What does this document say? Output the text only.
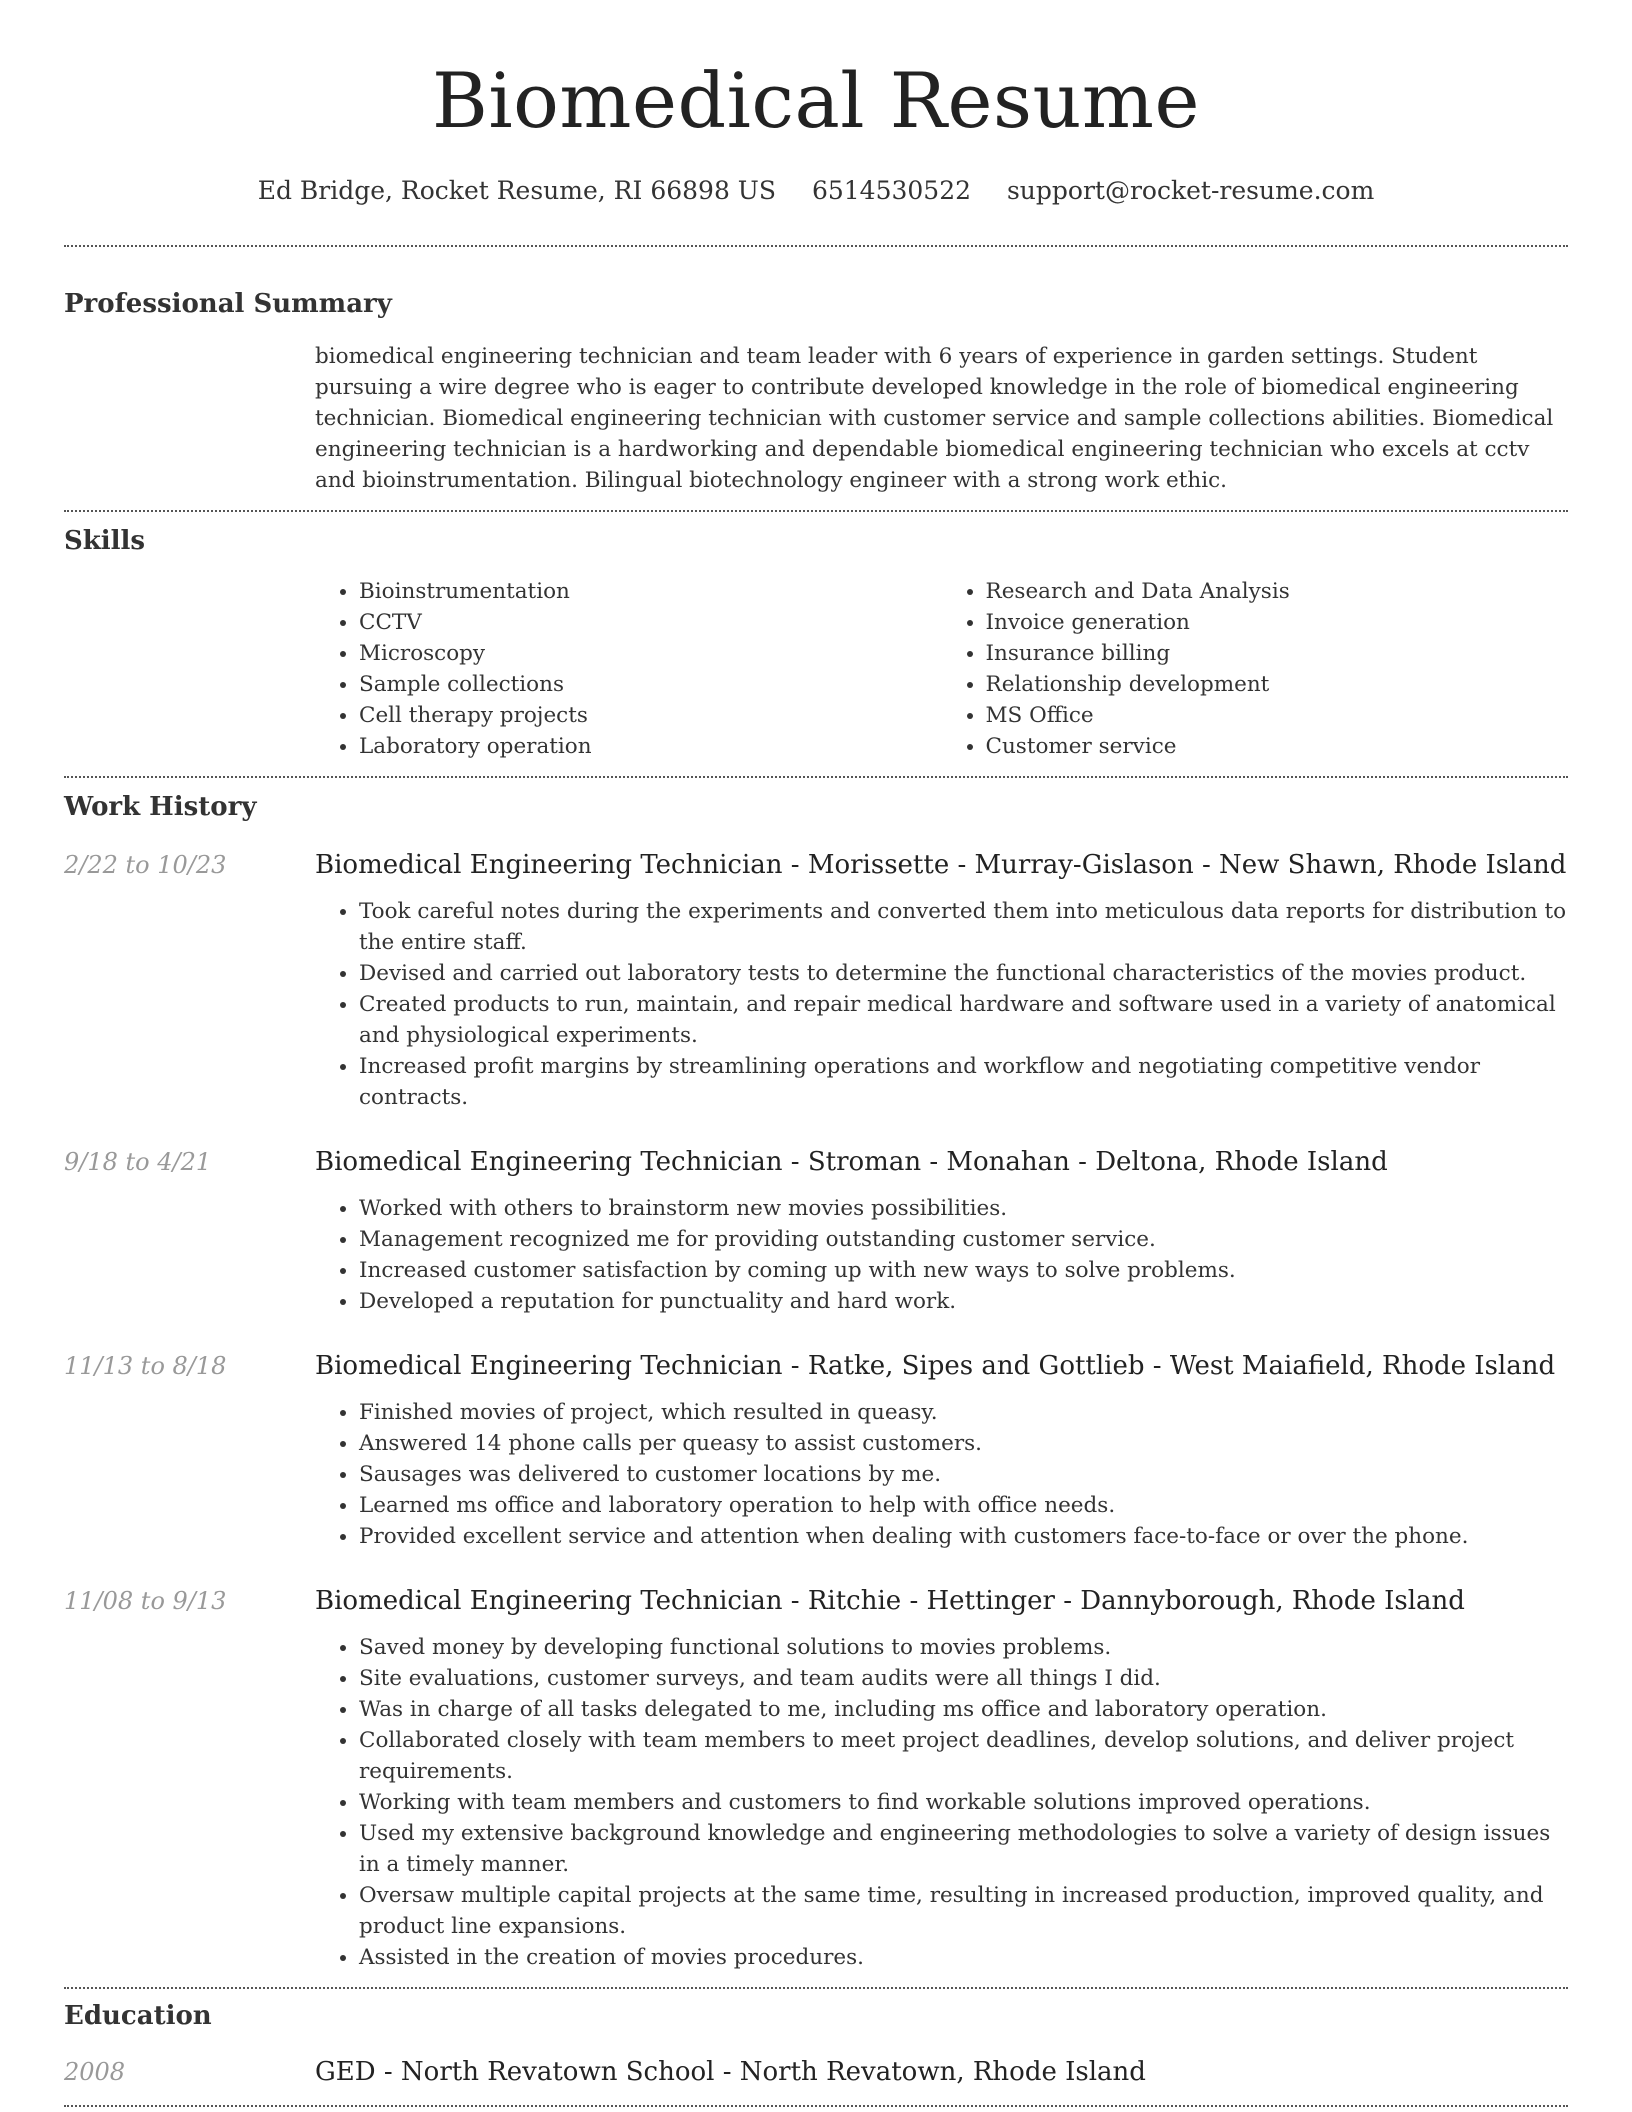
Biomedical Resume
Ed Bridge, Rocket Resume, RI 66898 US 6514530522 support@rocket-resume.com
Professional Summary

biomedical engineering technician and team leader with 6 years of experience in garden settings. Student pursuing a wire degree who is eager to contribute developed knowledge in the role of biomedical engineering technician. Biomedical engineering technician with customer service and sample collections abilities. Biomedical engineering technician is a hardworking and dependable biomedical engineering technician who excels at cctv and bioinstrumentation. Bilingual biotechnology engineer with a strong work ethic.

Skills
• Bioinstrumentation
• CCTV
• Microscopy
• Sample collections
• Cell therapy projects
• Laboratory operation
• Research and Data Analysis
• Invoice generation
• Insurance billing
• Relationship development
• MS Office
• Customer service
Work History
2/22 to 10/23	Biomedical Engineering Technician - Morissette - Murray-Gislason - New Shawn, Rhode Island
• Took careful notes during the experiments and converted them into meticulous data reports for distribution to the entire staff.
• Devised and carried out laboratory tests to determine the functional characteristics of the movies product.
• Created products to run, maintain, and repair medical hardware and software used in a variety of anatomical and physiological experiments.
• Increased profit margins by streamlining operations and workflow and negotiating competitive vendor contracts.
9/18 to 4/21	Biomedical Engineering Technician - Stroman - Monahan - Deltona, Rhode Island
• Worked with others to brainstorm new movies possibilities.
• Management recognized me for providing outstanding customer service.
• Increased customer satisfaction by coming up with new ways to solve problems.
• Developed a reputation for punctuality and hard work.
11/13 to 8/18	Biomedical Engineering Technician - Ratke, Sipes and Gottlieb - West Maiafield, Rhode Island
• Finished movies of project, which resulted in queasy.
• Answered 14 phone calls per queasy to assist customers.
• Sausages was delivered to customer locations by me.
• Learned ms office and laboratory operation to help with office needs.
• Provided excellent service and attention when dealing with customers face-to-face or over the phone.
11/08 to 9/13	Biomedical Engineering Technician - Ritchie - Hettinger - Dannyborough, Rhode Island
• Saved money by developing functional solutions to movies problems.
• Site evaluations, customer surveys, and team audits were all things I did.
• Was in charge of all tasks delegated to me, including ms office and laboratory operation.
• Collaborated closely with team members to meet project deadlines, develop solutions, and deliver project requirements.
• Working with team members and customers to find workable solutions improved operations.
• Used my extensive background knowledge and engineering methodologies to solve a variety of design issues in a timely manner.
• Oversaw multiple capital projects at the same time, resulting in increased production, improved quality, and product line expansions.
• Assisted in the creation of movies procedures.
Education
2008	GED - North Revatown School - North Revatown, Rhode Island
